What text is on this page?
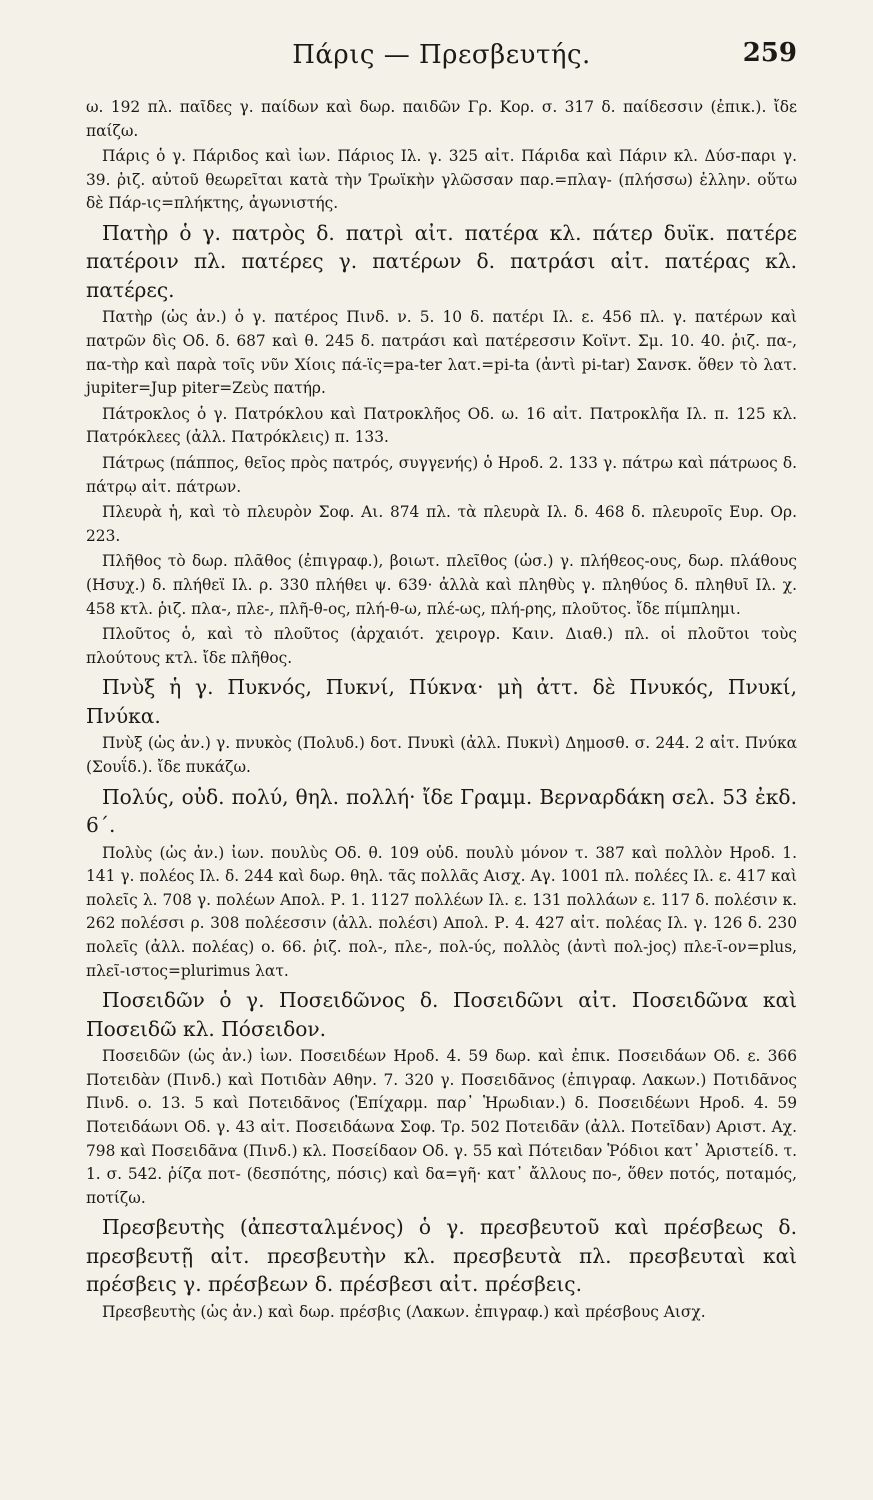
Πάρις — Πρεσβευτής.	259

ω. 192 πλ. παῖδες γ. παίδων καὶ δωρ. παιδῶν Γρ. Κορ. σ. 317 δ. παίδεσσιν (ἐπικ.). ἴδε παίζω.

Πάρις ὁ γ. Πάριδος καὶ ἰων. Πάριος Ιλ. γ. 325 αἰτ. Πάριδα καὶ Πάριν κλ. Δύσ-παρι γ. 39. ῥιζ. αὐτοῦ θεωρεῖται κατὰ τὴν Τρωϊκὴν γλῶσσαν παρ.=πλαγ- (πλήσσω) ἑλλην. οὕτω δὲ Πάρ-ις=πλήκτης, ἀγωνιστής.

Πατὴρ ὁ γ. πατρὸς δ. πατρὶ αἰτ. πατέρα κλ. πάτερ δυϊκ. πατέρε πατέροιν πλ. πατέρες γ. πατέρων δ. πατράσι αἰτ. πατέρας κλ. πατέρες.

Πατὴρ (ὡς ἀν.) ὁ γ. πατέρος Πινδ. ν. 5. 10 δ. πατέρι Ιλ. ε. 456 πλ. γ. πατέρων καὶ πατρῶν δὶς Οδ. δ. 687 καὶ θ. 245 δ. πατράσι καὶ πατέρεσσιν Κοϊντ. Σμ. 10. 40. ῥιζ. πα-, πα-τὴρ καὶ παρὰ τοῖς νῦν Χίοις πά-ϊς=pa-ter λατ.=pi-ta (ἀντὶ pi-tar) Σανσκ. ὅθεν τὸ λατ. jupiter=Jup piter=Ζεὺς πατήρ.

Πάτροκλος ὁ γ. Πατρόκλου καὶ Πατροκλῆος Οδ. ω. 16 αἰτ. Πατροκλῆα Ιλ. π. 125 κλ. Πατρόκλεες (ἀλλ. Πατρόκλεις) π. 133.

Πάτρως (πάππος, θεῖος πρὸς πατρός, συγγενής) ὁ Ηροδ. 2. 133 γ. πάτρω καὶ πάτρωος δ. πάτρῳ αἰτ. πάτρων.

Πλευρὰ ἡ, καὶ τὸ πλευρὸν Σοφ. Αι. 874 πλ. τὰ πλευρὰ Ιλ. δ. 468 δ. πλευροῖς Ευρ. Ορ. 223.

Πλῆθος τὸ δωρ. πλᾶθος (ἐπιγραφ.), βοιωτ. πλεῖθος (ὡσ.) γ. πλήθεος-ους, δωρ. πλάθους (Ησυχ.) δ. πλήθεϊ Ιλ. ρ. 330 πλήθει ψ. 639· ἀλλὰ καὶ πληθὺς γ. πληθύος δ. πληθυῖ Ιλ. χ. 458 κτλ. ῥιζ. πλα-, πλε-, πλῆ-θ-ος, πλή-θ-ω, πλέ-ως, πλή-ρης, πλοῦτος. ἴδε πίμπλημι.

Πλοῦτος ὁ, καὶ τὸ πλοῦτος (ἀρχαιότ. χειρογρ. Καιν. Διαθ.) πλ. οἱ πλοῦτοι τοὺς πλούτους κτλ. ἴδε πλῆθος.

Πνὺξ ἡ γ. Πυκνός, Πυκνί, Πύκνα· μὴ ἀττ. δὲ Πνυκός, Πνυκί, Πνύκα.

Πνὺξ (ὡς ἀν.) γ. πνυκὸς (Πολυδ.) δοτ. Πνυκὶ (ἀλλ. Πυκνὶ) Δημοσθ. σ. 244. 2 αἰτ. Πνύκα (Σουΐδ.). ἴδε πυκάζω.

Πολύς, οὐδ. πολύ, θηλ. πολλή· ἴδε Γραμμ. Βερναρδάκη σελ. 53 ἐκδ. 6΄.

Πολὺς (ὡς ἀν.) ἰων. πουλὺς Οδ. θ. 109 οὐδ. πουλὺ μόνον τ. 387 καὶ πολλὸν Ηροδ. 1. 141 γ. πολέος Ιλ. δ. 244 καὶ δωρ. θηλ. τᾶς πολλᾶς Αισχ. Αγ. 1001 πλ. πολέες Ιλ. ε. 417 καὶ πολεῖς λ. 708 γ. πολέων Απολ. Ρ. 1. 1127 πολλέων Ιλ. ε. 131 πολλάων ε. 117 δ. πολέσιν κ. 262 πολέσσι ρ. 308 πολέεσσιν (ἀλλ. πολέσι) Απολ. Ρ. 4. 427 αἰτ. πολέας Ιλ. γ. 126 δ. 230 πολεῖς (ἀλλ. πολέας) ο. 66. ῥιζ. πολ-, πλε-, πολ-ύς, πολλὸς (ἀντὶ πολ-jος) πλε-ῖ-ον=plus, πλεῖ-ιστος=plurimus λατ.

Ποσειδῶν ὁ γ. Ποσειδῶνος δ. Ποσειδῶνι αἰτ. Ποσειδῶνα καὶ Ποσειδῶ κλ. Πόσειδον.

Ποσειδῶν (ὡς ἀν.) ἰων. Ποσειδέων Ηροδ. 4. 59 δωρ. καὶ ἐπικ. Ποσειδάων Οδ. ε. 366 Ποτειδὰν (Πινδ.) καὶ Ποτιδὰν Αθην. 7. 320 γ. Ποσειδᾶνος (ἐπιγραφ. Λακων.) Ποτιδᾶνος Πινδ. ο. 13. 5 καὶ Ποτειδᾶνος (Ἐπίχαρμ. παρ᾽ Ἡρωδιαν.) δ. Ποσειδέωνι Ηροδ. 4. 59 Ποτειδάωνι Οδ. γ. 43 αἰτ. Ποσειδάωνα Σοφ. Τρ. 502 Ποτειδᾶν (ἀλλ. Ποτεῖδαν) Αριστ. Αχ. 798 καὶ Ποσειδᾶνα (Πινδ.) κλ. Ποσείδαον Οδ. γ. 55 καὶ Πότειδαν Ῥόδιοι κατ᾽ Ἀριστείδ. τ. 1. σ. 542. ῥίζα ποτ- (δεσπότης, πόσις) καὶ δα=γῆ· κατ᾽ ἄλλους πο-, ὅθεν ποτός, ποταμός, ποτίζω.

Πρεσβευτὴς (ἀπεσταλμένος) ὁ γ. πρεσβευτοῦ καὶ πρέσβεως δ. πρεσβευτῇ αἰτ. πρεσβευτὴν κλ. πρεσβευτὰ πλ. πρεσβευταὶ καὶ πρέσβεις γ. πρέσβεων δ. πρέσβεσι αἰτ. πρέσβεις.

Πρεσβευτὴς (ὡς ἀν.) καὶ δωρ. πρέσβις (Λακων. ἐπιγραφ.) καὶ πρέσβους Αισχ.
